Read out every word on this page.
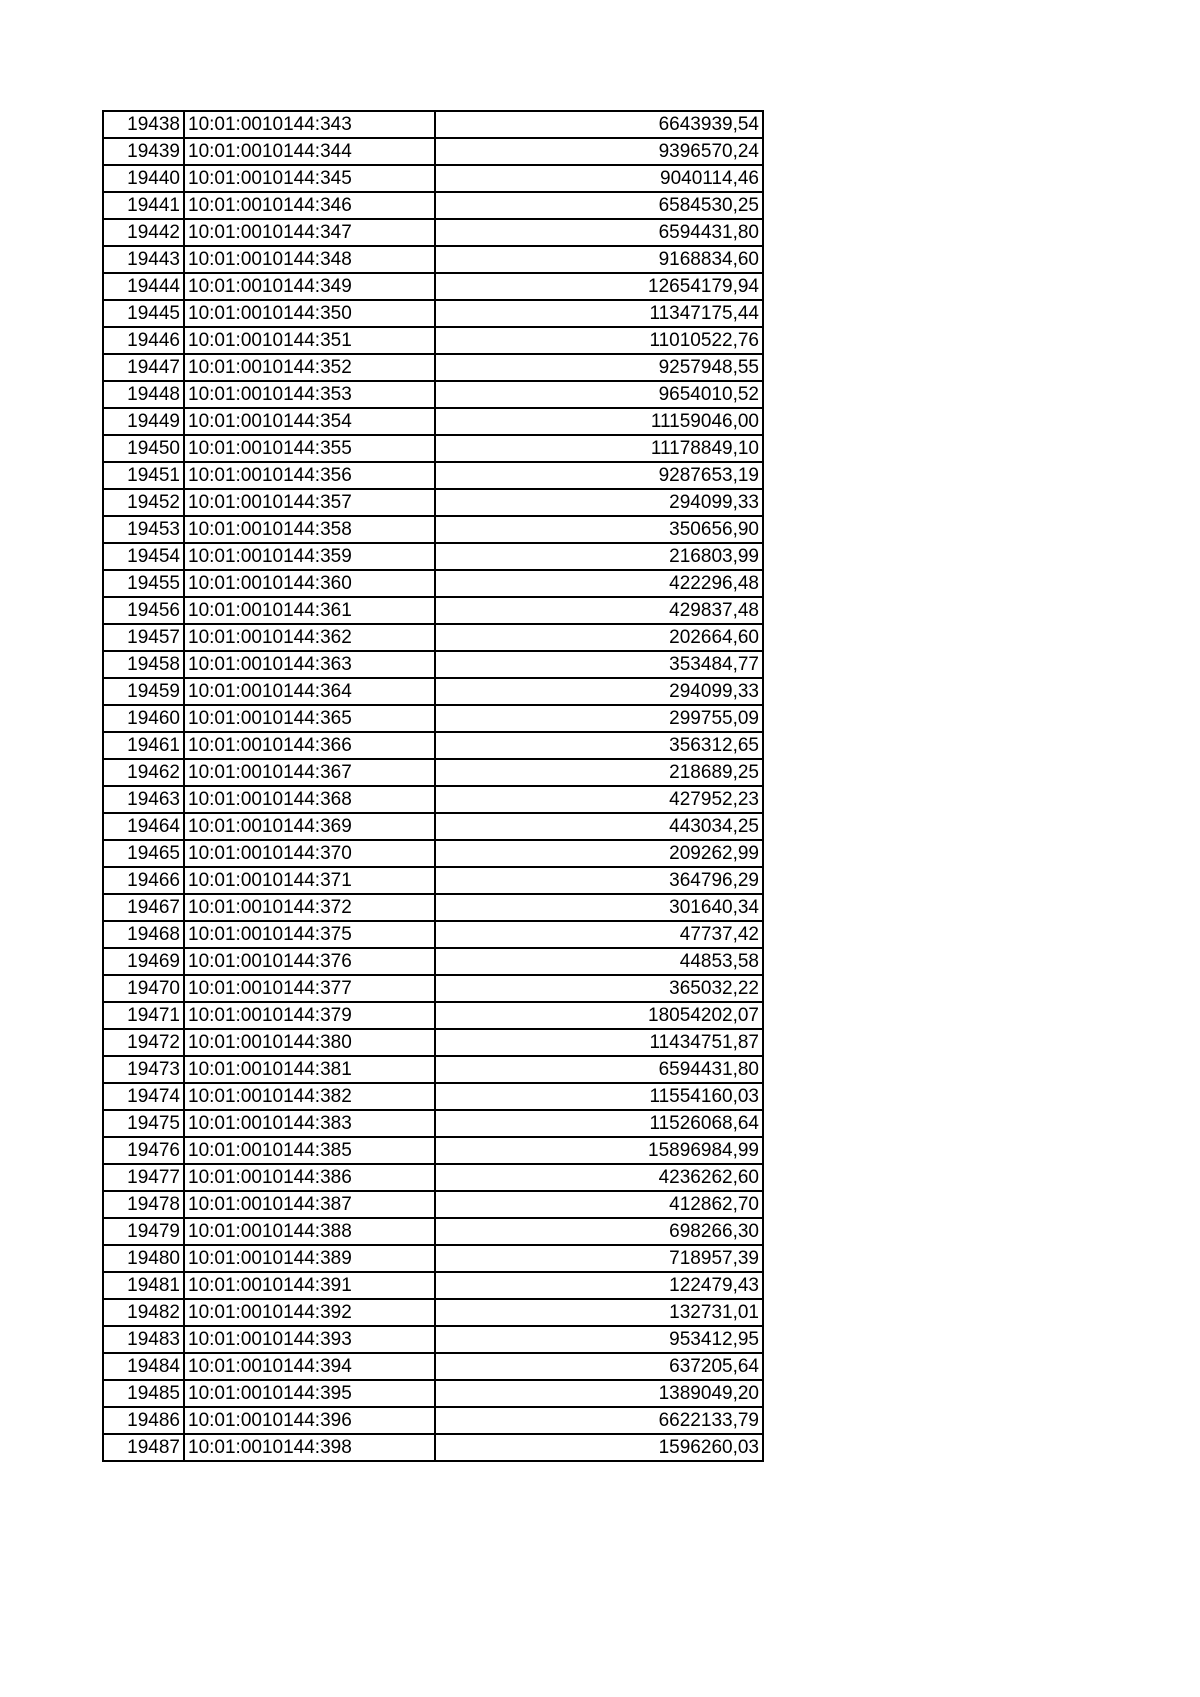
19438	10:01:0010144:343	6643939,54
19439	10:01:0010144:344	9396570,24
19440	10:01:0010144:345	9040114,46
19441	10:01:0010144:346	6584530,25
19442	10:01:0010144:347	6594431,80
19443	10:01:0010144:348	9168834,60
19444	10:01:0010144:349	12654179,94
19445	10:01:0010144:350	11347175,44
19446	10:01:0010144:351	11010522,76
19447	10:01:0010144:352	9257948,55
19448	10:01:0010144:353	9654010,52
19449	10:01:0010144:354	11159046,00
19450	10:01:0010144:355	11178849,10
19451	10:01:0010144:356	9287653,19
19452	10:01:0010144:357	294099,33
19453	10:01:0010144:358	350656,90
19454	10:01:0010144:359	216803,99
19455	10:01:0010144:360	422296,48
19456	10:01:0010144:361	429837,48
19457	10:01:0010144:362	202664,60
19458	10:01:0010144:363	353484,77
19459	10:01:0010144:364	294099,33
19460	10:01:0010144:365	299755,09
19461	10:01:0010144:366	356312,65
19462	10:01:0010144:367	218689,25
19463	10:01:0010144:368	427952,23
19464	10:01:0010144:369	443034,25
19465	10:01:0010144:370	209262,99
19466	10:01:0010144:371	364796,29
19467	10:01:0010144:372	301640,34
19468	10:01:0010144:375	47737,42
19469	10:01:0010144:376	44853,58
19470	10:01:0010144:377	365032,22
19471	10:01:0010144:379	18054202,07
19472	10:01:0010144:380	11434751,87
19473	10:01:0010144:381	6594431,80
19474	10:01:0010144:382	11554160,03
19475	10:01:0010144:383	11526068,64
19476	10:01:0010144:385	15896984,99
19477	10:01:0010144:386	4236262,60
19478	10:01:0010144:387	412862,70
19479	10:01:0010144:388	698266,30
19480	10:01:0010144:389	718957,39
19481	10:01:0010144:391	122479,43
19482	10:01:0010144:392	132731,01
19483	10:01:0010144:393	953412,95
19484	10:01:0010144:394	637205,64
19485	10:01:0010144:395	1389049,20
19486	10:01:0010144:396	6622133,79
19487	10:01:0010144:398	1596260,03
